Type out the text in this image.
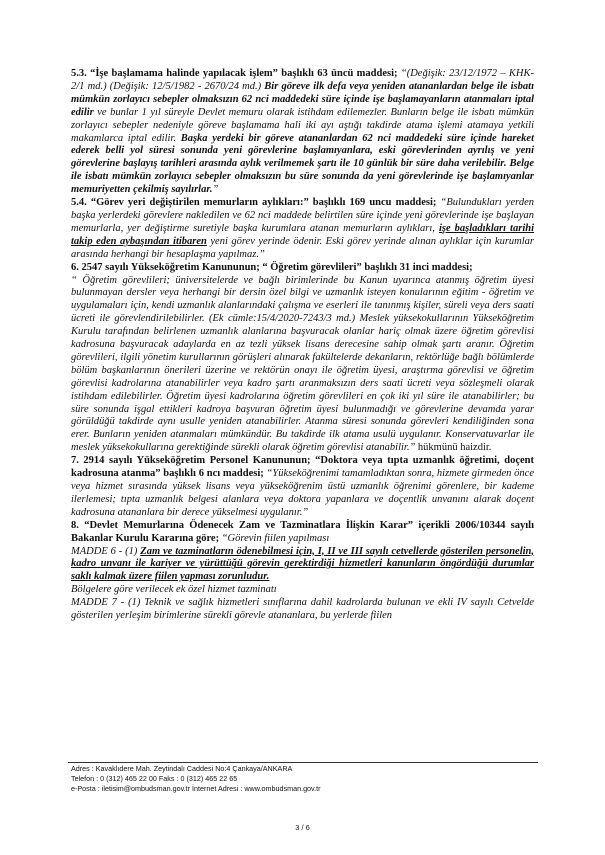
5.3. “İşe başlamama halinde yapılacak işlem” başlıklı 63 üncü maddesi; “(Değişik: 23/12/1972 – KHK-2/1 md.) (Değişik: 12/5/1982 - 2670/24 md.) Bir göreve ilk defa veya yeniden atananlardan belge ile isbatı mümkün zorlayıcı sebepler olmaksızın 62 nci maddedeki süre içinde işe başlamayanların atanmaları iptal edilir ve bunlar 1 yıl süreyle Devlet memuru olarak istihdam edilemezler. Bunların belge ile isbatı mümkün zorlayıcı sebepler nedeniyle göreve başlamama hali iki ayı aştığı takdirde atama işlemi atamaya yetkili makamlarca iptal edilir. Başka yerdeki bir göreve atananlardan 62 nci maddedeki süre içinde hareket ederek belli yol süresi sonunda yeni görevlerine başlamıyanlara, eski görevlerinden ayrılış ve yeni görevlerine başlayış tarihleri arasında aylık verilmemek şartı ile 10 günlük bir süre daha verilebilir. Belge ile isbatı mümkün zorlayıcı sebepler olmaksızın bu süre sonunda da yeni görevlerinde işe başlamıyanlar memuriyetten çekilmiş sayılırlar.”

5.4. “Görev yeri değiştirilen memurların aylıkları:” başlıklı 169 uncu maddesi; “Bulundukları yerden başka yerlerdeki görevlere nakledilen ve 62 nci maddede belirtilen süre içinde yeni görevlerinde işe başlayan memurlarla, yer değiştirme suretiyle başka kurumlara atanan memurların aylıkları, işe başladıkları tarihi takip eden aybaşından itibaren yeni görev yerinde ödenir. Eski görev yerinde alınan aylıklar için kurumlar arasında herhangi bir hesaplaşma yapılmaz.”

6. 2547 sayılı Yükseköğretim Kanununun; “ Öğretim görevlileri” başlıklı 31 inci maddesi;
“ Öğretim görevlileri; üniversitelerde ve bağlı birimlerinde bu Kanun uyarınca atanmış öğretim üyesi bulunmayan dersler veya herhangi bir dersin özel bilgi ve uzmanlık isteyen konularının eğitim - öğretim ve uygulamaları için, kendi uzmanlık alanlarındaki çalışma ve eserleri ile tanınmış kişiler, süreli veya ders saati ücreti ile görevlendirilebilirler. (Ek cümle:15/4/2020-7243/3 md.) Meslek yüksekokullarının Yükseköğretim Kurulu tarafından belirlenen uzmanlık alanlarına başvuracak olanlar hariç olmak üzere öğretim görevlisi kadrosuna başvuracak adaylarda en az tezli yüksek lisans derecesine sahip olmak şartı aranır. Öğretim görevlileri, ilgili yönetim kurullarının görüşleri alınarak fakültelerde dekanların, rektörlüğe bağlı bölümlerde bölüm başkanlarının önerileri üzerine ve rektörün onayı ile öğretim üyesi, araştırma görevlisi ve öğretim görevlisi kadrolarına atanabilirler veya kadro şartı aranmaksızın ders saati ücreti veya sözleşmeli olarak istihdam edilebilirler. Öğretim üyesi kadrolarına öğretim görevlileri en çok iki yıl süre ile atanabilirler; bu süre sonunda işgal ettikleri kadroya başvuran öğretim üyesi bulunmadığı ve görevlerine devamda yarar görüldüğü takdirde aynı usulle yeniden atanabilirler. Atanma süresi sonunda görevleri kendiliğinden sona erer. Bunların yeniden atanmaları mümkündür. Bu takdirde ilk atama usulü uygulanır. Konservatuvarlar ile meslek yüksekokullarına gerektiğinde sürekli olarak öğretim görevlisi atanabilir.” hükmünü haizdir.

7. 2914 sayılı Yükseköğretim Personel Kanununun; “Doktora veya tıpta uzmanlık öğretimi, doçent kadrosuna atanma” başlıklı 6 ncı maddesi; “Yükseköğrenimi tamamladıktan sonra, hizmete girmeden önce veya hizmet sırasında yüksek lisans veya yükseköğrenim üstü uzmanlık öğrenimi görenlere, bir kademe ilerlemesi; tıpta uzmanlık belgesi alanlara veya doktora yapanlara ve doçentlik unvanını alarak doçent kadrosuna atananlara bir derece yükselmesi uygulanır.”

8. “Devlet Memurlarına Ödenecek Zam ve Tazminatlara İlişkin Karar” içerikli 2006/10344 sayılı Bakanlar Kurulu Kararına göre; “Görevin fiilen yapılması
MADDE 6 - (1) Zam ve tazminatların ödenebilmesi için, I, II ve III sayılı cetvellerde gösterilen personelin, kadro unvanı ile kariyer ve yürüttüğü görevin gerektirdiği hizmetleri kanunların öngördüğü durumlar saklı kalmak üzere fiilen yapması zorunludur.
Bölgelere göre verilecek ek özel hizmet tazminatı
MADDE 7 - (1) Teknik ve sağlık hizmetleri sınıflarına dahil kadrolarda bulunan ve ekli IV sayılı Cetvelde gösterilen yerleşim birimlerine sürekli görevle atananlara, bu yerlerde fiilen

Adres : Kavaklıdere Mah. Zeytindalı Caddesi No:4 Çankaya/ANKARA
Telefon : 0 (312) 465 22 00 Faks : 0 (312) 465 22 65
e-Posta : iletisim@ombudsman.gov.tr İnternet Adresi : www.ombudsman.gov.tr
3 / 6
